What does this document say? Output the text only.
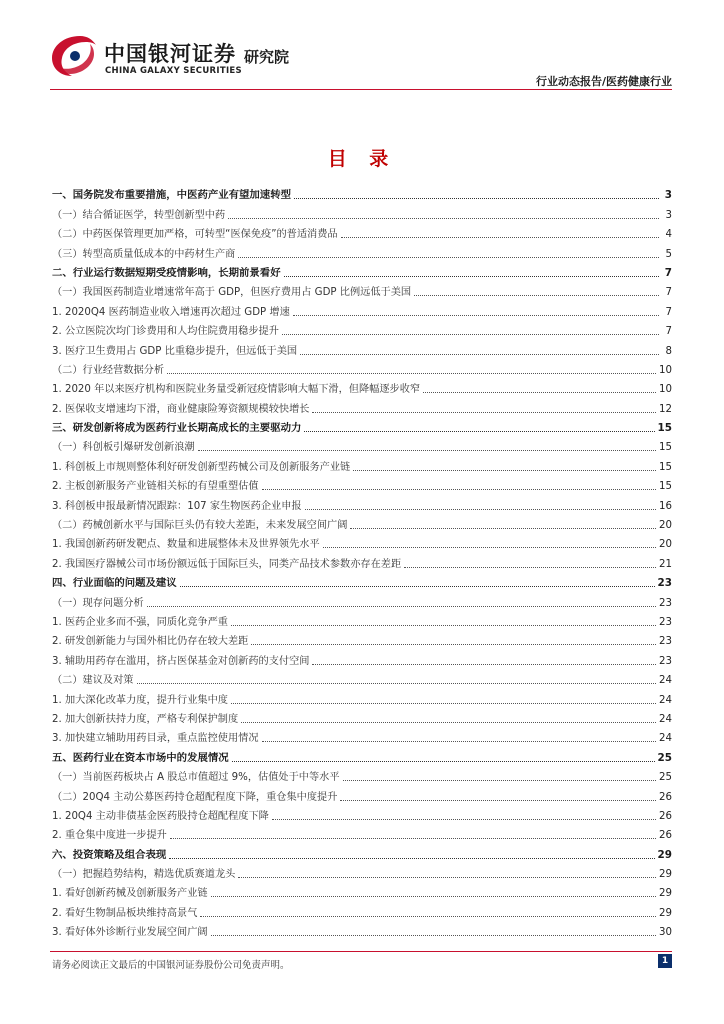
中国银河证券
CHINA GALAXY SECURITIES
研究院
行业动态报告/医药健康行业
目 录
一、国务院发布重要措施，中医药产业有望加速转型	3
（一）结合循证医学，转型创新型中药	3
（二）中药医保管理更加严格，可转型“医保免疫”的普适消费品	4
（三）转型高质量低成本的中药材生产商	5
二、行业运行数据短期受疫情影响，长期前景看好	7
（一）我国医药制造业增速常年高于 GDP，但医疗费用占 GDP 比例远低于美国	7
1. 2020Q4 医药制造业收入增速再次超过 GDP 增速	7
2. 公立医院次均门诊费用和人均住院费用稳步提升	7
3. 医疗卫生费用占 GDP 比重稳步提升，但远低于美国	8
（二）行业经营数据分析	10
1. 2020 年以来医疗机构和医院业务量受新冠疫情影响大幅下滑，但降幅逐步收窄	10
2. 医保收支增速均下滑，商业健康险筹资额规模较快增长	12
三、研发创新将成为医药行业长期高成长的主要驱动力	15
（一）科创板引爆研发创新浪潮	15
1. 科创板上市规则整体利好研发创新型药械公司及创新服务产业链	15
2. 主板创新服务产业链相关标的有望重塑估值	15
3. 科创板申报最新情况跟踪：107 家生物医药企业申报	16
（二）药械创新水平与国际巨头仍有较大差距，未来发展空间广阔	20
1. 我国创新药研发靶点、数量和进展整体未及世界领先水平	20
2. 我国医疗器械公司市场份额远低于国际巨头，同类产品技术参数亦存在差距	21
四、行业面临的问题及建议	23
（一）现存问题分析	23
1. 医药企业多而不强，同质化竞争严重	23
2. 研发创新能力与国外相比仍存在较大差距	23
3. 辅助用药存在滥用，挤占医保基金对创新药的支付空间	23
（二）建议及对策	24
1. 加大深化改革力度，提升行业集中度	24
2. 加大创新扶持力度，严格专利保护制度	24
3. 加快建立辅助用药目录，重点监控使用情况	24
五、医药行业在资本市场中的发展情况	25
（一）当前医药板块占 A 股总市值超过 9%，估值处于中等水平	25
（二）20Q4 主动公募医药持仓超配程度下降，重仓集中度提升	26
1. 20Q4 主动非债基金医药股持仓超配程度下降	26
2. 重仓集中度进一步提升	26
六、投资策略及组合表现	29
（一）把握趋势结构，精选优质赛道龙头	29
1. 看好创新药械及创新服务产业链	29
2. 看好生物制品板块维持高景气	29
3. 看好体外诊断行业发展空间广阔	30
请务必阅读正文最后的中国银河证券股份公司免责声明。	1
